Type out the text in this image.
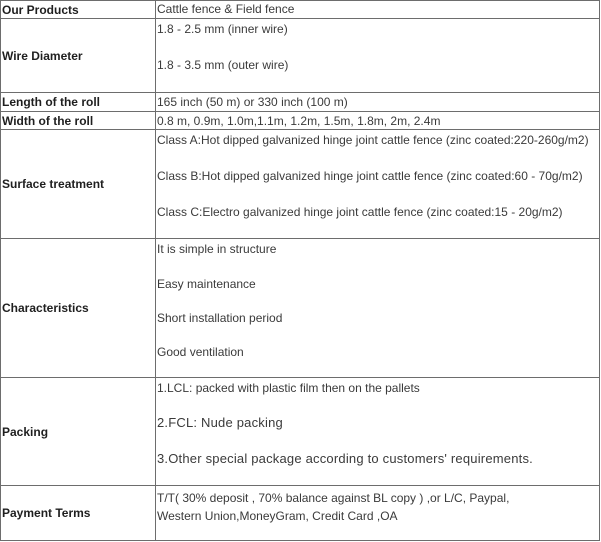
Our Products	Cattle fence & Field fence

Wire Diameter	1.8 - 2.5 mm (inner wire)
1.8 - 3.5 mm (outer wire)

Length of the roll	165 inch (50 m) or 330 inch (100 m)

Width of the roll	0.8 m, 0.9m, 1.0m,1.1m, 1.2m, 1.5m, 1.8m, 2m, 2.4m

Surface treatment	Class A:Hot dipped galvanized hinge joint cattle fence (zinc coated:220-260g/m2)
Class B:Hot dipped galvanized hinge joint cattle fence (zinc coated:60 - 70g/m2)
Class C:Electro galvanized hinge joint cattle fence (zinc coated:15 - 20g/m2)

Characteristics	It is simple in structure
Easy maintenance
Short installation period
Good ventilation

Packing	1.LCL: packed with plastic film then on the pallets
2.FCL: Nude packing
3.Other special package according to customers' requirements.

Payment Terms	T/T( 30% deposit , 70% balance against BL copy ) ,or L/C, Paypal, Western Union,MoneyGram, Credit Card ,OA
